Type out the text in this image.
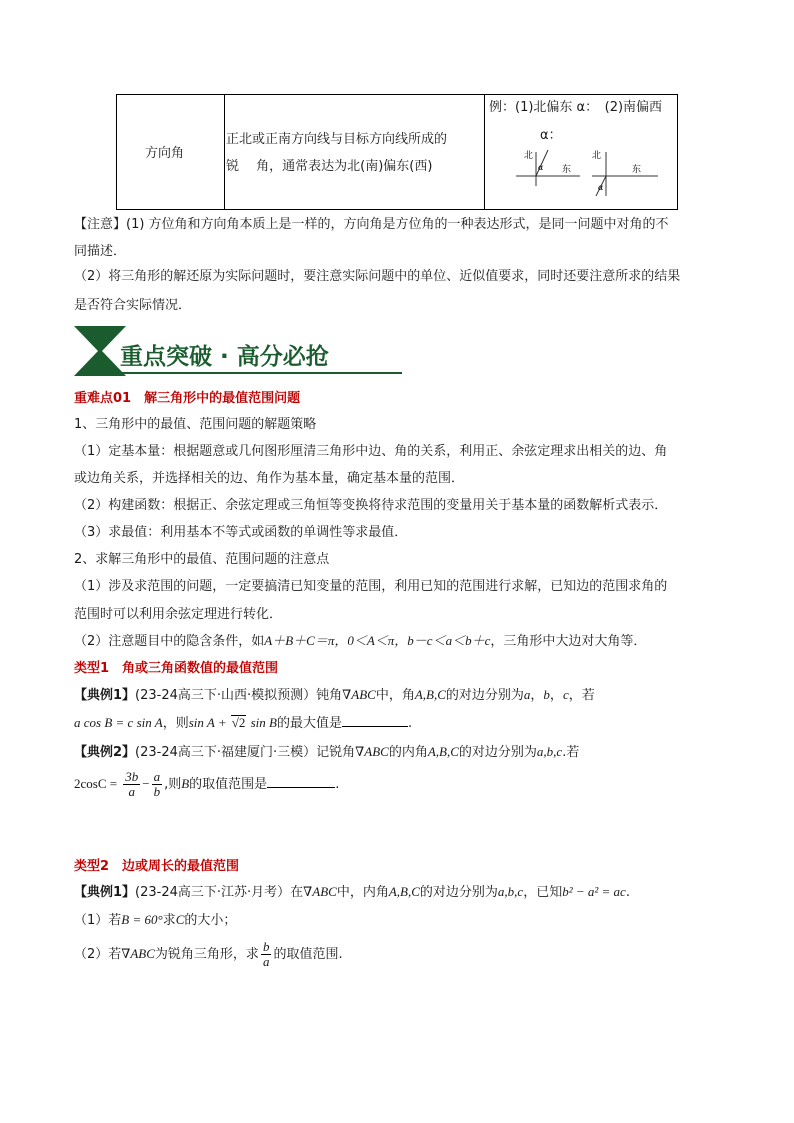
方向角
正北或正南方向线与目标方向线所成的
锐　 角，通常表达为北(南)偏东(西)
例：(1)北偏东 α：　(2)南偏西
α：
北
东
α
北
东
α
【注意】(1) 方位角和方向角本质上是一样的，方向角是方位角的一种表达形式，是同一问题中对角的不
同描述．
（2）将三角形的解还原为实际问题时，要注意实际问题中的单位、近似值要求，同时还要注意所求的结果
是否符合实际情况．
重点突破 · 高分必抢
重难点01　解三角形中的最值范围问题
1、三角形中的最值、范围问题的解题策略
（1）定基本量：根据题意或几何图形厘清三角形中边、角的关系，利用正、余弦定理求出相关的边、角
或边角关系，并选择相关的边、角作为基本量，确定基本量的范围．
（2）构建函数：根据正、余弦定理或三角恒等变换将待求范围的变量用关于基本量的函数解析式表示．
（3）求最值：利用基本不等式或函数的单调性等求最值．
2、求解三角形中的最值、范围问题的注意点
（1）涉及求范围的问题，一定要搞清已知变量的范围，利用已知的范围进行求解，已知边的范围求角的
范围时可以利用余弦定理进行转化．
（2）注意题目中的隐含条件，如A＋B＋C＝π，0＜A＜π，b－c＜a＜b＋c，三角形中大边对大角等．
类型1　角或三角函数值的最值范围
【典例1】(23-24高三下·山西·模拟预测）钝角∇ABC中，角A,B,C的对边分别为a，b，c，若
a cos B = c sin A，则sin A + √2 sin B的最大值是	.
【典例2】(23-24高三下·福建厦门·三模）记锐角∇ABC的内角A,B,C的对边分别为a,b,c.若
$2\cos C = \frac{3b}{a} - \frac{a}{b}$ ,则B的取值范围是	.
类型2　边或周长的最值范围
【典例1】(23-24高三下·江苏·月考）在∇ABC中，内角A,B,C的对边分别为a,b,c，已知b² − a² = ac.
（1）若B = 60°求C的大小；
（2）若∇ABC为锐角三角形，求 $\frac{b}{a}$ 的取值范围.
